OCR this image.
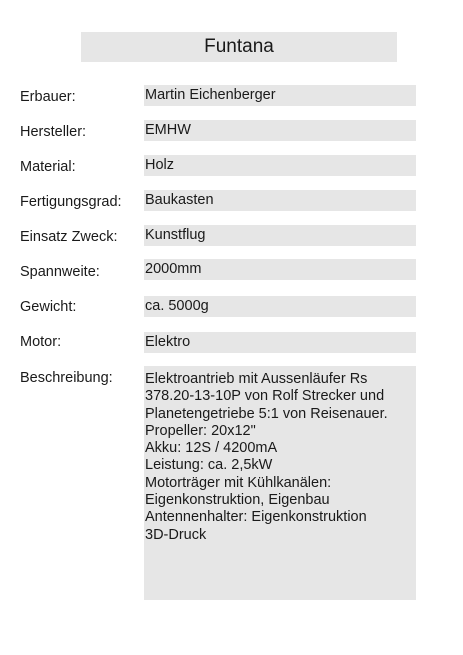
Funtana
Erbauer:	Martin Eichenberger
Hersteller:	EMHW
Material:	Holz
Fertigungsgrad: Baukasten
Einsatz Zweck: Kunstflug
Spannweite:	2000mm
Gewicht:	ca. 5000g
Motor:	Elektro
Beschreibung: Elektroantrieb mit Aussenläufer Rs
378.20-13-10P von Rolf Strecker und
Planetengetriebe 5:1 von Reisenauer.
Propeller: 20x12"
Akku: 12S / 4200mA
Leistung: ca. 2,5kW
Motorträger mit Kühlkanälen:
Eigenkonstruktion, Eigenbau
Antennenhalter: Eigenkonstruktion
3D-Druck
